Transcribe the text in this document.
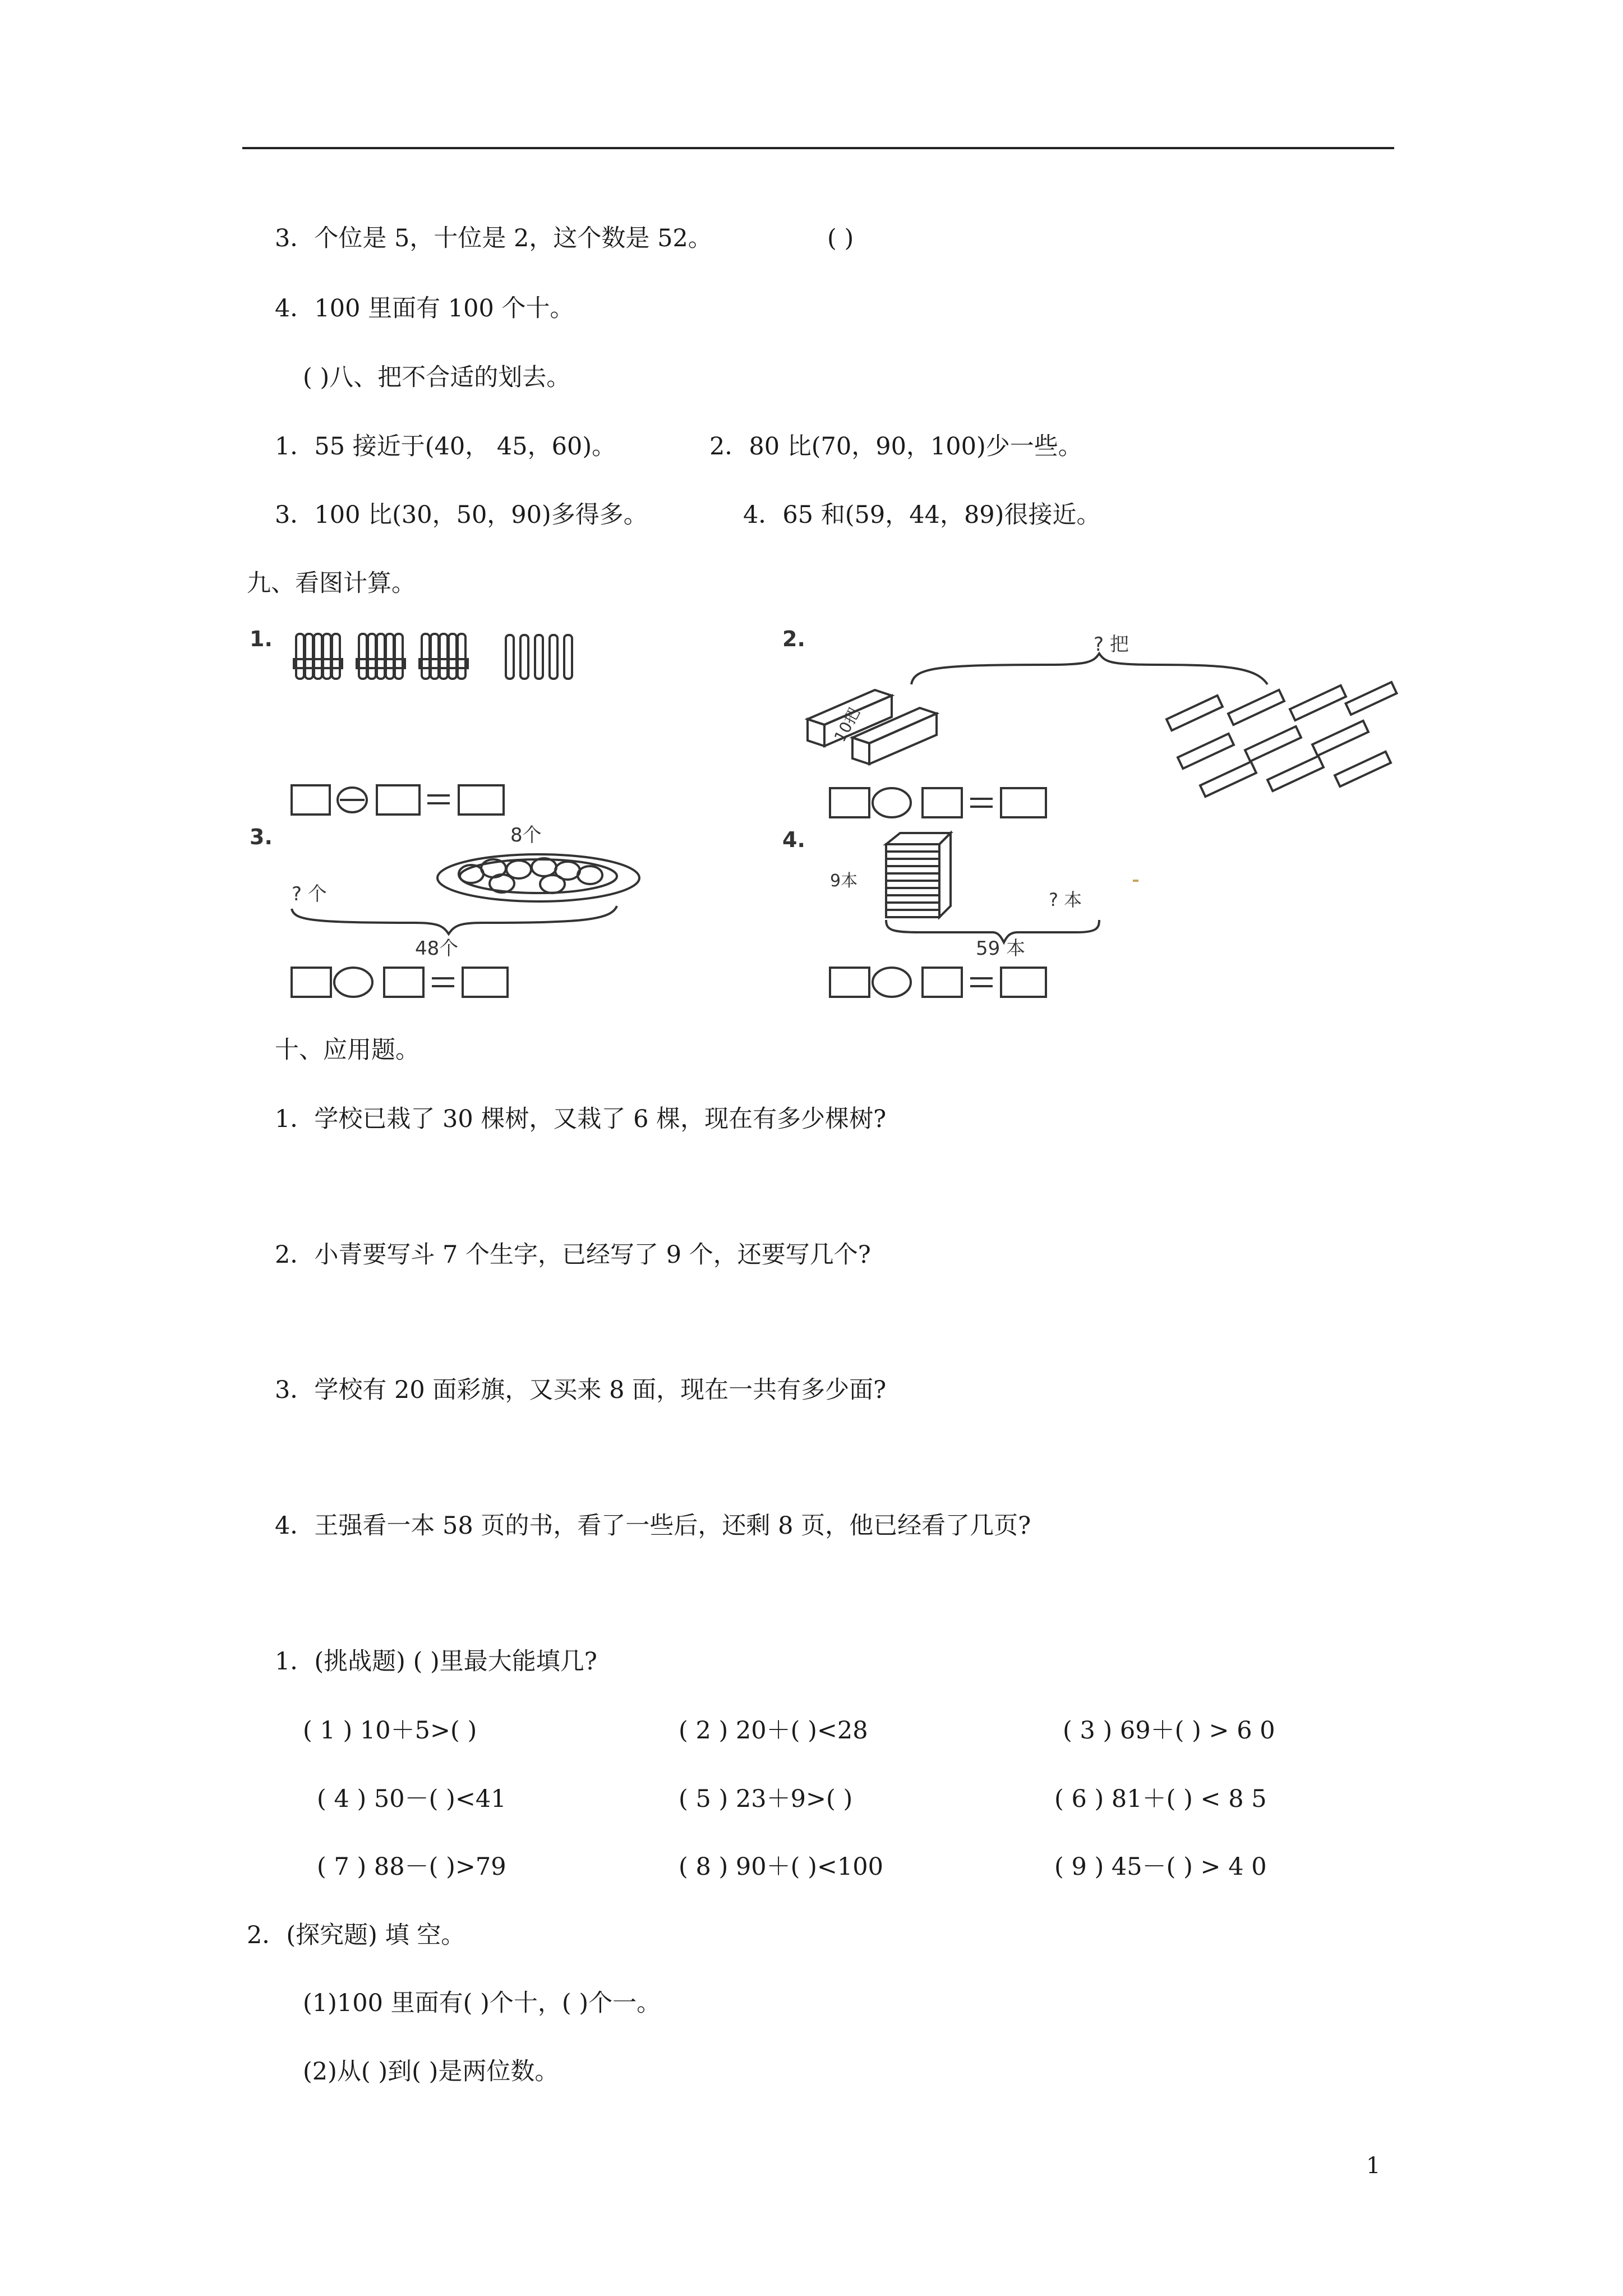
3．个位是 5，十位是 2，这个数是 52。	( )
4．100 里面有 100 个十。
( )八、把不合适的划去。
1．55 接近于(40， 45，60)。	2．80 比(70，90，100)少一些。
3．100 比(30，50，90)多得多。	4．65 和(59，44，89)很接近。
九、看图计算。
1.	2.	? 把
10把
3.	8个
? 个
48个
4.
9本
? 本
59 本
十、应用题。
1．学校已栽了 30 棵树，又栽了 6 棵，现在有多少棵树?
2．小青要写斗 7 个生字，已经写了 9 个，还要写几个?
3．学校有 20 面彩旗，又买来 8 面，现在一共有多少面?
4．王强看一本 58 页的书，看了一些后，还剩 8 页，他已经看了几页?
1．(挑战题) ( )里最大能填几?
( 1 ) 10＋5>( )	( 2 ) 20＋( )<28	( 3 ) 69＋( ) > 6 0
( 4 ) 50－( )<41	( 5 ) 23＋9>( )	( 6 ) 81＋( ) < 8 5
( 7 ) 88－( )>79	( 8 ) 90＋( )<100	( 9 ) 45－( ) > 4 0
2．(探究题) 填 空。
(1)100 里面有( )个十，( )个一。
(2)从( )到( )是两位数。
1
